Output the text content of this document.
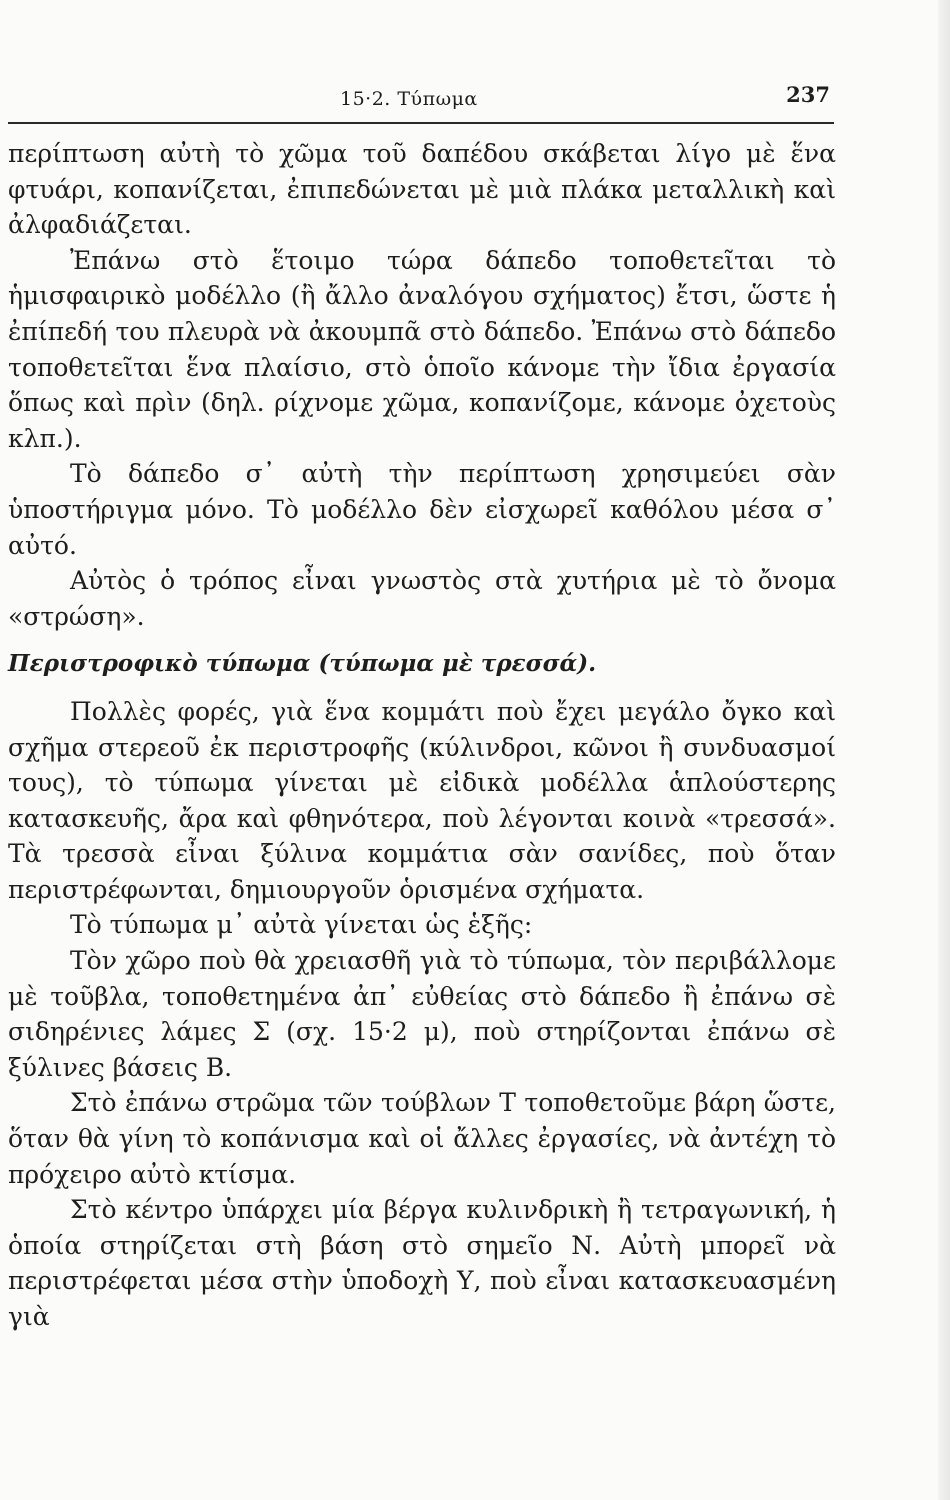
15·2. Τύπωμα	237

περίπτωση αὐτὴ τὸ χῶμα τοῦ δαπέδου σκάβεται λίγο μὲ ἕνα φτυάρι, κοπανίζεται, ἐπιπεδώνεται μὲ μιὰ πλάκα μεταλλικὴ καὶ ἀλφαδιάζεται.

Ἐπάνω στὸ ἕτοιμο τώρα δάπεδο τοποθετεῖται τὸ ἡμισφαιρικὸ μοδέλλο (ἢ ἄλλο ἀναλόγου σχήματος) ἔτσι, ὥστε ἡ ἐπίπεδή του πλευρὰ νὰ ἀκουμπᾶ στὸ δάπεδο. Ἐπάνω στὸ δάπεδο τοποθετεῖται ἕνα πλαίσιο, στὸ ὁποῖο κάνομε τὴν ἴδια ἐργασία ὅπως καὶ πρὶν (δηλ. ρίχνομε χῶμα, κοπανίζομε, κάνομε ὀχετοὺς κλπ.).

Τὸ δάπεδο σ᾽ αὐτὴ τὴν περίπτωση χρησιμεύει σὰν ὑποστήριγμα μόνο. Τὸ μοδέλλο δὲν εἰσχωρεῖ καθόλου μέσα σ᾽ αὐτό.

Αὐτὸς ὁ τρόπος εἶναι γνωστὸς στὰ χυτήρια μὲ τὸ ὄνομα «στρώση».

Περιστροφικὸ τύπωμα (τύπωμα μὲ τρεσσά).

Πολλὲς φορές, γιὰ ἕνα κομμάτι ποὺ ἔχει μεγάλο ὄγκο καὶ σχῆμα στερεοῦ ἐκ περιστροφῆς (κύλινδροι, κῶνοι ἢ συνδυασμοί τους), τὸ τύπωμα γίνεται μὲ εἰδικὰ μοδέλλα ἁπλούστερης κατασκευῆς, ἄρα καὶ φθηνότερα, ποὺ λέγονται κοινὰ «τρεσσά». Τὰ τρεσσὰ εἶναι ξύλινα κομμάτια σὰν σανίδες, ποὺ ὅταν περιστρέφωνται, δημιουργοῦν ὁρισμένα σχήματα.

Τὸ τύπωμα μ᾽ αὐτὰ γίνεται ὡς ἑξῆς:

Τὸν χῶρο ποὺ θὰ χρειασθῆ γιὰ τὸ τύπωμα, τὸν περιβάλλομε μὲ τοῦβλα, τοποθετημένα ἀπ᾽ εὐθείας στὸ δάπεδο ἢ ἐπάνω σὲ σιδηρένιες λάμες Σ (σχ. 15·2 μ), ποὺ στηρίζονται ἐπάνω σὲ ξύλινες βάσεις Β.

Στὸ ἐπάνω στρῶμα τῶν τούβλων Τ τοποθετοῦμε βάρη ὥστε, ὅταν θὰ γίνη τὸ κοπάνισμα καὶ οἱ ἄλλες ἐργασίες, νὰ ἀντέχη τὸ πρόχειρο αὐτὸ κτίσμα.

Στὸ κέντρο ὑπάρχει μία βέργα κυλινδρικὴ ἢ τετραγωνική, ἡ ὁποία στηρίζεται στὴ βάση στὸ σημεῖο Ν. Αὐτὴ μπορεῖ νὰ περιστρέφεται μέσα στὴν ὑποδοχὴ Υ, ποὺ εἶναι κατασκευασμένη γιὰ
